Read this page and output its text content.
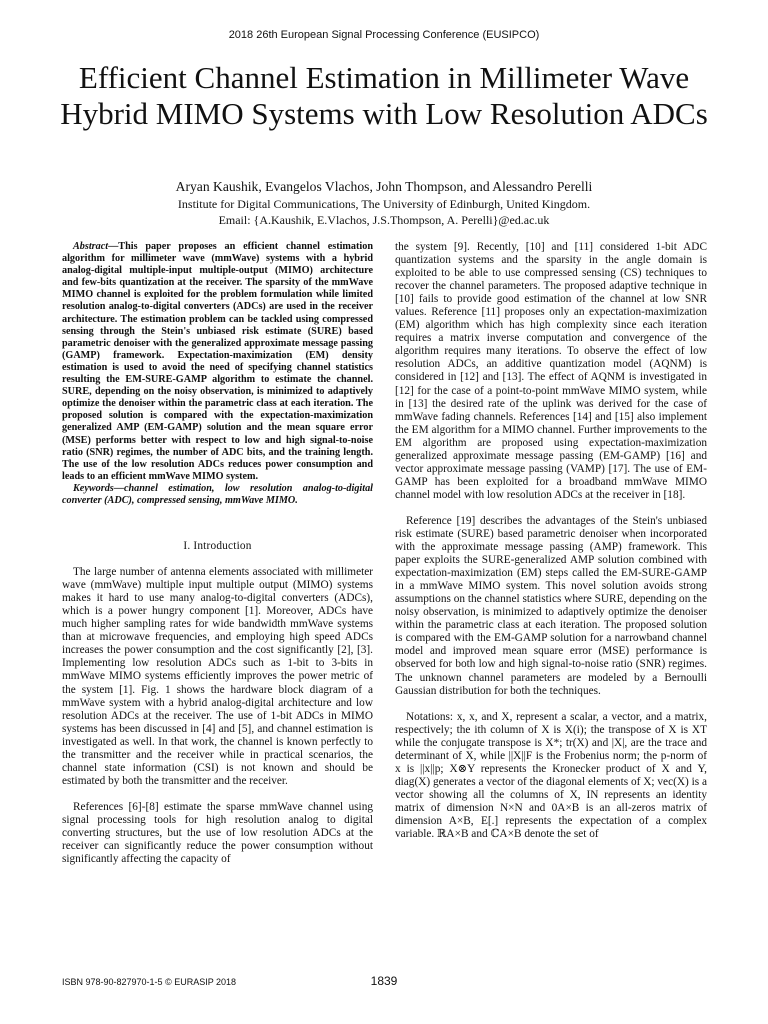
2018 26th European Signal Processing Conference (EUSIPCO)
Efficient Channel Estimation in Millimeter Wave
Hybrid MIMO Systems with Low Resolution ADCs
Aryan Kaushik, Evangelos Vlachos, John Thompson, and Alessandro Perelli
Institute for Digital Communications, The University of Edinburgh, United Kingdom.
Email: {A.Kaushik, E.Vlachos, J.S.Thompson, A. Perelli}@ed.ac.uk

Abstract—This paper proposes an efficient channel estimation algorithm for millimeter wave (mmWave) systems with a hybrid analog-digital multiple-input multiple-output (MIMO) architecture and few-bits quantization at the receiver. The sparsity of the mmWave MIMO channel is exploited for the problem formulation while limited resolution analog-to-digital converters (ADCs) are used in the receiver architecture. The estimation problem can be tackled using compressed sensing through the Stein's unbiased risk estimate (SURE) based parametric denoiser with the generalized approximate message passing (GAMP) framework. Expectation-maximization (EM) density estimation is used to avoid the need of specifying channel statistics resulting the EM-SURE-GAMP algorithm to estimate the channel. SURE, depending on the noisy observation, is minimized to adaptively optimize the denoiser within the parametric class at each iteration. The proposed solution is compared with the expectation-maximization generalized AMP (EM-GAMP) solution and the mean square error (MSE) performs better with respect to low and high signal-to-noise ratio (SNR) regimes, the number of ADC bits, and the training length. The use of the low resolution ADCs reduces power consumption and leads to an efficient mmWave MIMO system.

Keywords—channel estimation, low resolution analog-to-digital converter (ADC), compressed sensing, mmWave MIMO.

I. Introduction

The large number of antenna elements associated with millimeter wave (mmWave) multiple input multiple output (MIMO) systems makes it hard to use many analog-to-digital converters (ADCs), which is a power hungry component [1]. Moreover, ADCs have much higher sampling rates for wide bandwidth mmWave systems than at microwave frequencies, and employing high speed ADCs increases the power consumption and the cost significantly [2], [3]. Implementing low resolution ADCs such as 1-bit to 3-bits in mmWave MIMO systems efficiently improves the power metric of the system [1]. Fig. 1 shows the hardware block diagram of a mmWave system with a hybrid analog-digital architecture and low resolution ADCs at the receiver. The use of 1-bit ADCs in MIMO systems has been discussed in [4] and [5], and channel estimation is investigated as well. In that work, the channel is known perfectly to the transmitter and the receiver while in practical scenarios, the channel state information (CSI) is not known and should be estimated by both the transmitter and the receiver.

References [6]-[8] estimate the sparse mmWave channel using signal processing tools for high resolution analog to digital converting structures, but the use of low resolution ADCs at the receiver can significantly reduce the power consumption without significantly affecting the capacity of

the system [9]. Recently, [10] and [11] considered 1-bit ADC quantization systems and the sparsity in the angle domain is exploited to be able to use compressed sensing (CS) techniques to recover the channel parameters. The proposed adaptive technique in [10] fails to provide good estimation of the channel at low SNR values. Reference [11] proposes only an expectation-maximization (EM) algorithm which has high complexity since each iteration requires a matrix inverse computation and convergence of the algorithm requires many iterations. To observe the effect of low resolution ADCs, an additive quantization model (AQNM) is considered in [12] and [13]. The effect of AQNM is investigated in [12] for the case of a point-to-point mmWave MIMO system, while in [13] the desired rate of the uplink was derived for the case of mmWave fading channels. References [14] and [15] also implement the EM algorithm for a MIMO channel. Further improvements to the EM algorithm are proposed using expectation-maximization generalized approximate message passing (EM-GAMP) [16] and vector approximate message passing (VAMP) [17]. The use of EM-GAMP has been exploited for a broadband mmWave MIMO channel model with low resolution ADCs at the receiver in [18].

Reference [19] describes the advantages of the Stein's unbiased risk estimate (SURE) based parametric denoiser when incorporated with the approximate message passing (AMP) framework. This paper exploits the SURE-generalized AMP solution combined with expectation-maximization (EM) steps called the EM-SURE-GAMP in a mmWave MIMO system. This novel solution avoids strong assumptions on the channel statistics where SURE, depending on the noisy observation, is minimized to adaptively optimize the denoiser within the parametric class at each iteration. The proposed solution is compared with the EM-GAMP solution for a narrowband channel model and improved mean square error (MSE) performance is observed for both low and high signal-to-noise ratio (SNR) regimes. The unknown channel parameters are modeled by a Bernoulli Gaussian distribution for both the techniques.

Notations: x, x, and X, represent a scalar, a vector, and a matrix, respectively; the ith column of X is X(i); the transpose of X is XT while the conjugate transpose is X*; tr(X) and |X|, are the trace and determinant of X, while ||X||F is the Frobenius norm; the p-norm of x is ||x||p; X⊗Y represents the Kronecker product of X and Y, diag(X) generates a vector of the diagonal elements of X; vec(X) is a vector showing all the columns of X, IN represents an identity matrix of dimension N×N and 0A×B is an all-zeros matrix of dimension A×B, E[.] represents the expectation of a complex variable. ℝA×B and ℂA×B denote the set of

ISBN 978-90-827970-1-5 © EURASIP 2018	1839
